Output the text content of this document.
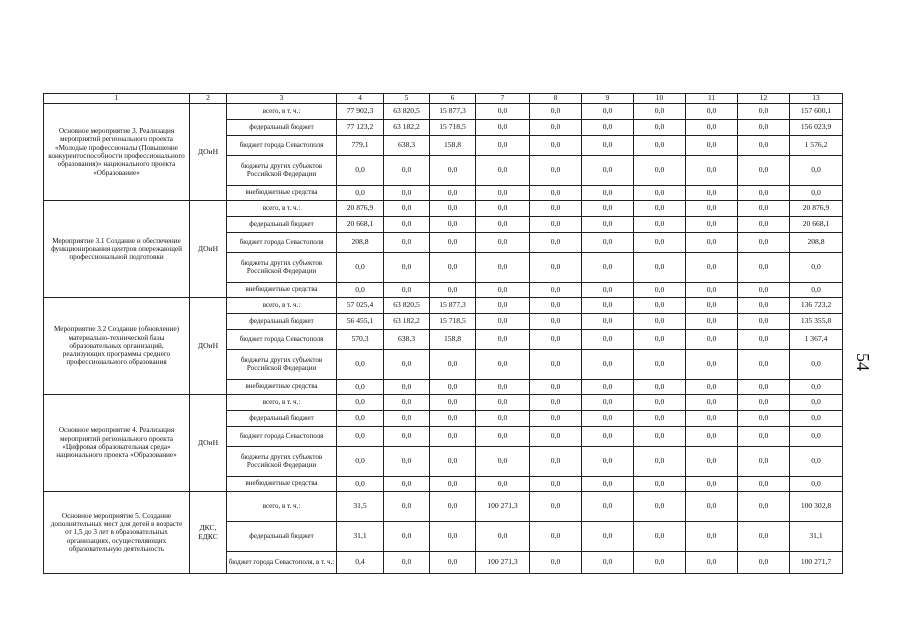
1	2	3	4	5	6	7	8	9	10	11	12	13
Основное мероприятие 3. Реализация мероприятий регионального проекта «Молодые профессионалы (Повышение конкурентоспособности профессионального образования)» национального проекта «Образование»	ДОиН	всего, в т. ч.:	77 902,3	63 820,5	15 877,3	0,0	0,0	0,0	0,0	0,0	0,0	157 600,1
		федеральный бюджет	77 123,2	63 182,2	15 718,5	0,0	0,0	0,0	0,0	0,0	0,0	156 023,9
		бюджет города Севастополя	779,1	638,3	158,8	0,0	0,0	0,0	0,0	0,0	0,0	1 576,2
		бюджеты других субъектов Российской Федерации	0,0	0,0	0,0	0,0	0,0	0,0	0,0	0,0	0,0	0,0
		внебюджетные средства	0,0	0,0	0,0	0,0	0,0	0,0	0,0	0,0	0,0	0,0
Мероприятие 3.1 Создание и обеспечение функционирования центров опережающей профессиональной подготовки	ДОиН	всего, в т. ч.:	20 876,9	0,0	0,0	0,0	0,0	0,0	0,0	0,0	0,0	20 876,9
		федеральный бюджет	20 668,1	0,0	0,0	0,0	0,0	0,0	0,0	0,0	0,0	20 668,1
		бюджет города Севастополя	208,8	0,0	0,0	0,0	0,0	0,0	0,0	0,0	0,0	208,8
		бюджеты других субъектов Российской Федерации	0,0	0,0	0,0	0,0	0,0	0,0	0,0	0,0	0,0	0,0
		внебюджетные средства	0,0	0,0	0,0	0,0	0,0	0,0	0,0	0,0	0,0	0,0
Мероприятие 3.2 Создание (обновление) материально-технической базы образовательных организаций, реализующих программы среднего профессионального образования	ДОиН	всего, в т. ч.:	57 025,4	63 820,5	15 877,3	0,0	0,0	0,0	0,0	0,0	0,0	136 723,2
		федеральный бюджет	56 455,1	63 182,2	15 718,5	0,0	0,0	0,0	0,0	0,0	0,0	135 355,8
		бюджет города Севастополя	570,3	638,3	158,8	0,0	0,0	0,0	0,0	0,0	0,0	1 367,4
		бюджеты других субъектов Российской Федерации	0,0	0,0	0,0	0,0	0,0	0,0	0,0	0,0	0,0	0,0
		внебюджетные средства	0,0	0,0	0,0	0,0	0,0	0,0	0,0	0,0	0,0	0,0
Основное мероприятие 4. Реализация мероприятий регионального проекта «Цифровая образовательная среда» национального проекта «Образование»	ДОиН	всего, в т. ч.:	0,0	0,0	0,0	0,0	0,0	0,0	0,0	0,0	0,0	0,0
		федеральный бюджет	0,0	0,0	0,0	0,0	0,0	0,0	0,0	0,0	0,0	0,0
		бюджет города Севастополя	0,0	0,0	0,0	0,0	0,0	0,0	0,0	0,0	0,0	0,0
		бюджеты других субъектов Российской Федерации	0,0	0,0	0,0	0,0	0,0	0,0	0,0	0,0	0,0	0,0
		внебюджетные средства	0,0	0,0	0,0	0,0	0,0	0,0	0,0	0,0	0,0	0,0
Основное мероприятие 5. Создание дополнительных мест для детей в возрасте от 1,5 до 3 лет в образовательных организациях, осуществляющих образовательную деятельность	ДКС, ЕДКС	всего, в т. ч.:	31,5	0,0	0,0	100 271,3	0,0	0,0	0,0	0,0	0,0	100 302,8
		федеральный бюджет	31,1	0,0	0,0	0,0	0,0	0,0	0,0	0,0	0,0	31,1
		бюджет города Севастополя, в т. ч.:	0,4	0,0	0,0	100 271,3	0,0	0,0	0,0	0,0	0,0	100 271,7
54
